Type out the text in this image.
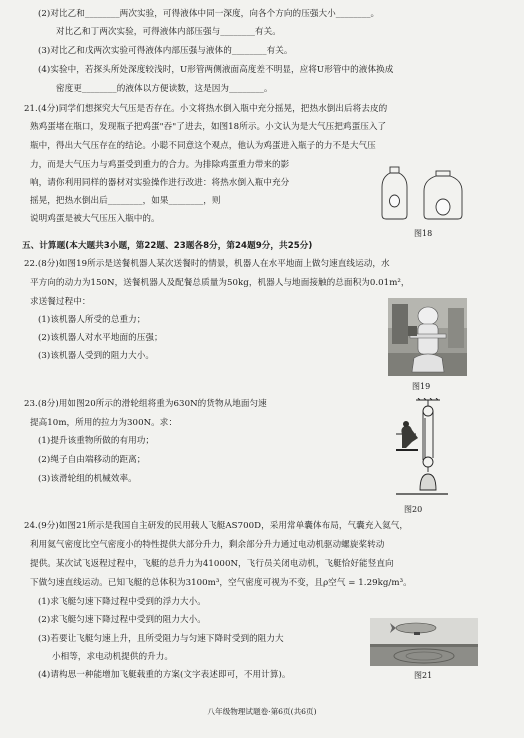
(2)对比乙和________两次实验，可得液体中同一深度，向各个方向的压强大小________。
对比乙和丁两次实验，可得液体内部压强与________有关。
(3)对比乙和戊两次实验可得液体内部压强与液体的________有关。
(4)实验中，若探头所处深度较浅时，U形管两侧液面高度差不明显，应将U形管中的液体换成
密度更________的液体以方便读数，这是因为________。
21.(4分)同学们想探究大气压是否存在。小文将热水倒入瓶中充分摇晃，把热水倒出后将去皮的
熟鸡蛋堵在瓶口，发现瓶子把鸡蛋"吞"了进去，如图18所示。小文认为是大气压把鸡蛋压入了
瓶中，得出大气压存在的结论。小聪不同意这个观点，他认为鸡蛋进入瓶子的力不是大气压
力，而是大气压力与鸡蛋受到重力的合力。为排除鸡蛋重力带来的影
响，请你利用同样的器材对实验操作进行改进：将热水倒入瓶中充分
摇晃，把热水倒出后________，如果________，则
说明鸡蛋是被大气压压入瓶中的。
图18
五、计算题(本大题共3小题，第22题、23题各8分，第24题9分，共25分)
22.(8分)如图19所示是送餐机器人某次送餐时的情景，机器人在水平地面上做匀速直线运动，水
平方向的动力为150N，送餐机器人及配餐总质量为50kg，机器人与地面接触的总面积为0.01m²，
求送餐过程中：
(1)该机器人所受的总重力；
(2)该机器人对水平地面的压强；
(3)该机器人受到的阻力大小。
图19
23.(8分)用如图20所示的滑轮组将重为630N的货物从地面匀速
提高10m，所用的拉力为300N。求：
(1)提升该重物所做的有用功；
(2)绳子自由端移动的距离；
(3)该滑轮组的机械效率。
图20
24.(9分)如图21所示是我国自主研发的民用载人飞艇AS700D，采用常单囊体布局，气囊充入氦气，
利用氦气密度比空气密度小的特性提供大部分升力，剩余部分升力通过电动机驱动螺旋桨转动
提供。某次试飞返程过程中，飞艇的总升力为41000N，飞行员关闭电动机，飞艇恰好能竖直向
下做匀速直线运动。已知飞艇的总体积为3100m³，空气密度可视为不变，且ρ空气 = 1.29kg/m³。
(1)求飞艇匀速下降过程中受到的浮力大小。
(2)求飞艇匀速下降过程中受到的阻力大小。
(3)若要让飞艇匀速上升，且所受阻力与匀速下降时受到的阻力大
小相等，求电动机提供的升力。
(4)请构思一种能增加飞艇载重的方案(文字表述即可，不用计算)。	图21
八年级物理试题卷·第6页(共6页)
